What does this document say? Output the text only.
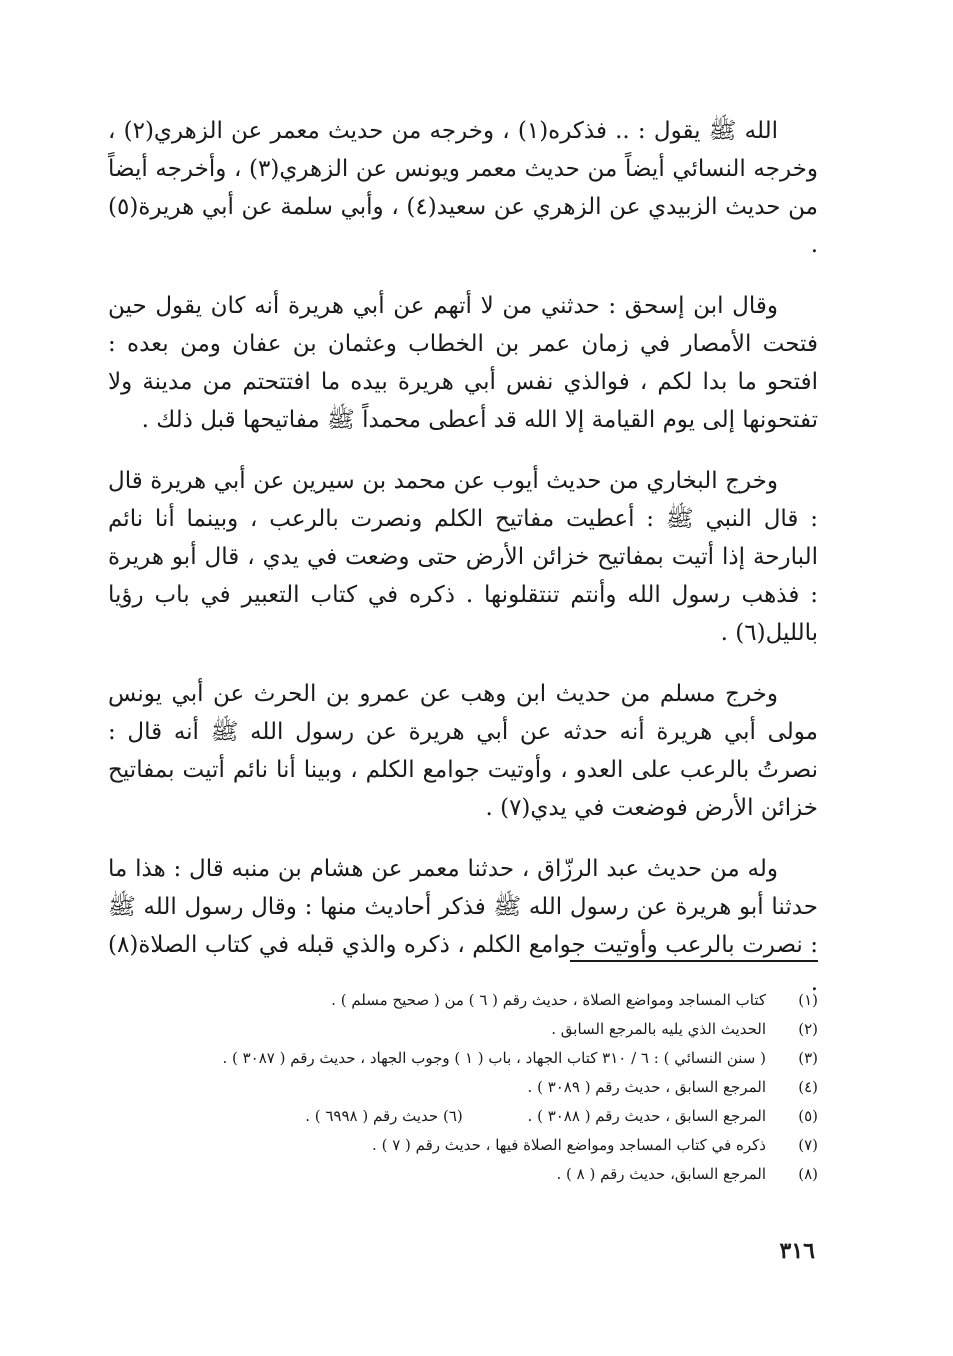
الله ﷺ يقول : .. فذكره(١) ، وخرجه من حديث معمر عن الزهري(٢) ، وخرجه النسائي أيضاً من حديث معمر ويونس عن الزهري(٣) ، وأخرجه أيضاً من حديث الزبيدي عن الزهري عن سعيد(٤) ، وأبي سلمة عن أبي هريرة(٥) .

وقال ابن إسحق : حدثني من لا أتهم عن أبي هريرة أنه كان يقول حين فتحت الأمصار في زمان عمر بن الخطاب وعثمان بن عفان ومن بعده : افتحو ما بدا لكم ، فوالذي نفس أبي هريرة بيده ما افتتحتم من مدينة ولا تفتحونها إلى يوم القيامة إلا الله قد أعطى محمداً ﷺ مفاتيحها قبل ذلك .

وخرج البخاري من حديث أيوب عن محمد بن سيرين عن أبي هريرة قال : قال النبي ﷺ : أعطيت مفاتيح الكلم ونصرت بالرعب ، وبينما أنا نائم البارحة إذا أتيت بمفاتيح خزائن الأرض حتى وضعت في يدي ، قال أبو هريرة : فذهب رسول الله وأنتم تنتقلونها . ذكره في كتاب التعبير في باب رؤيا بالليل(٦) .

وخرج مسلم من حديث ابن وهب عن عمرو بن الحرث عن أبي يونس مولى أبي هريرة أنه حدثه عن أبي هريرة عن رسول الله ﷺ أنه قال : نصرتُ بالرعب على العدو ، وأوتيت جوامع الكلم ، وبينا أنا نائم أتيت بمفاتيح خزائن الأرض فوضعت في يدي(٧) .

وله من حديث عبد الرزّاق ، حدثنا معمر عن هشام بن منبه قال : هذا ما حدثنا أبو هريرة عن رسول الله ﷺ فذكر أحاديث منها : وقال رسول الله ﷺ : نصرت بالرعب وأوتيت جوامع الكلم ، ذكره والذي قبله في كتاب الصلاة(٨) .

(١)
كتاب المساجد ومواضع الصلاة ، حديث رقم ( ٦ ) من ( صحيح مسلم ) .
(٢)
الحديث الذي يليه بالمرجع السابق .
(٣)
( سنن النسائي ) : ٦ / ٣١٠ كتاب الجهاد ، باب ( ١ ) وجوب الجهاد ، حديث رقم ( ٣٠٨٧ ) .
(٤)
المرجع السابق ، حديث رقم ( ٣٠٨٩ ) .
(٥)
المرجع السابق ، حديث رقم ( ٣٠٨٨ ) . (٦) حديث رقم ( ٦٩٩٨ ) .
(٧)
ذكره في كتاب المساجد ومواضع الصلاة فيها ، حديث رقم ( ٧ ) .
(٨)
المرجع السابق، حديث رقم ( ٨ ) .
٣١٦
